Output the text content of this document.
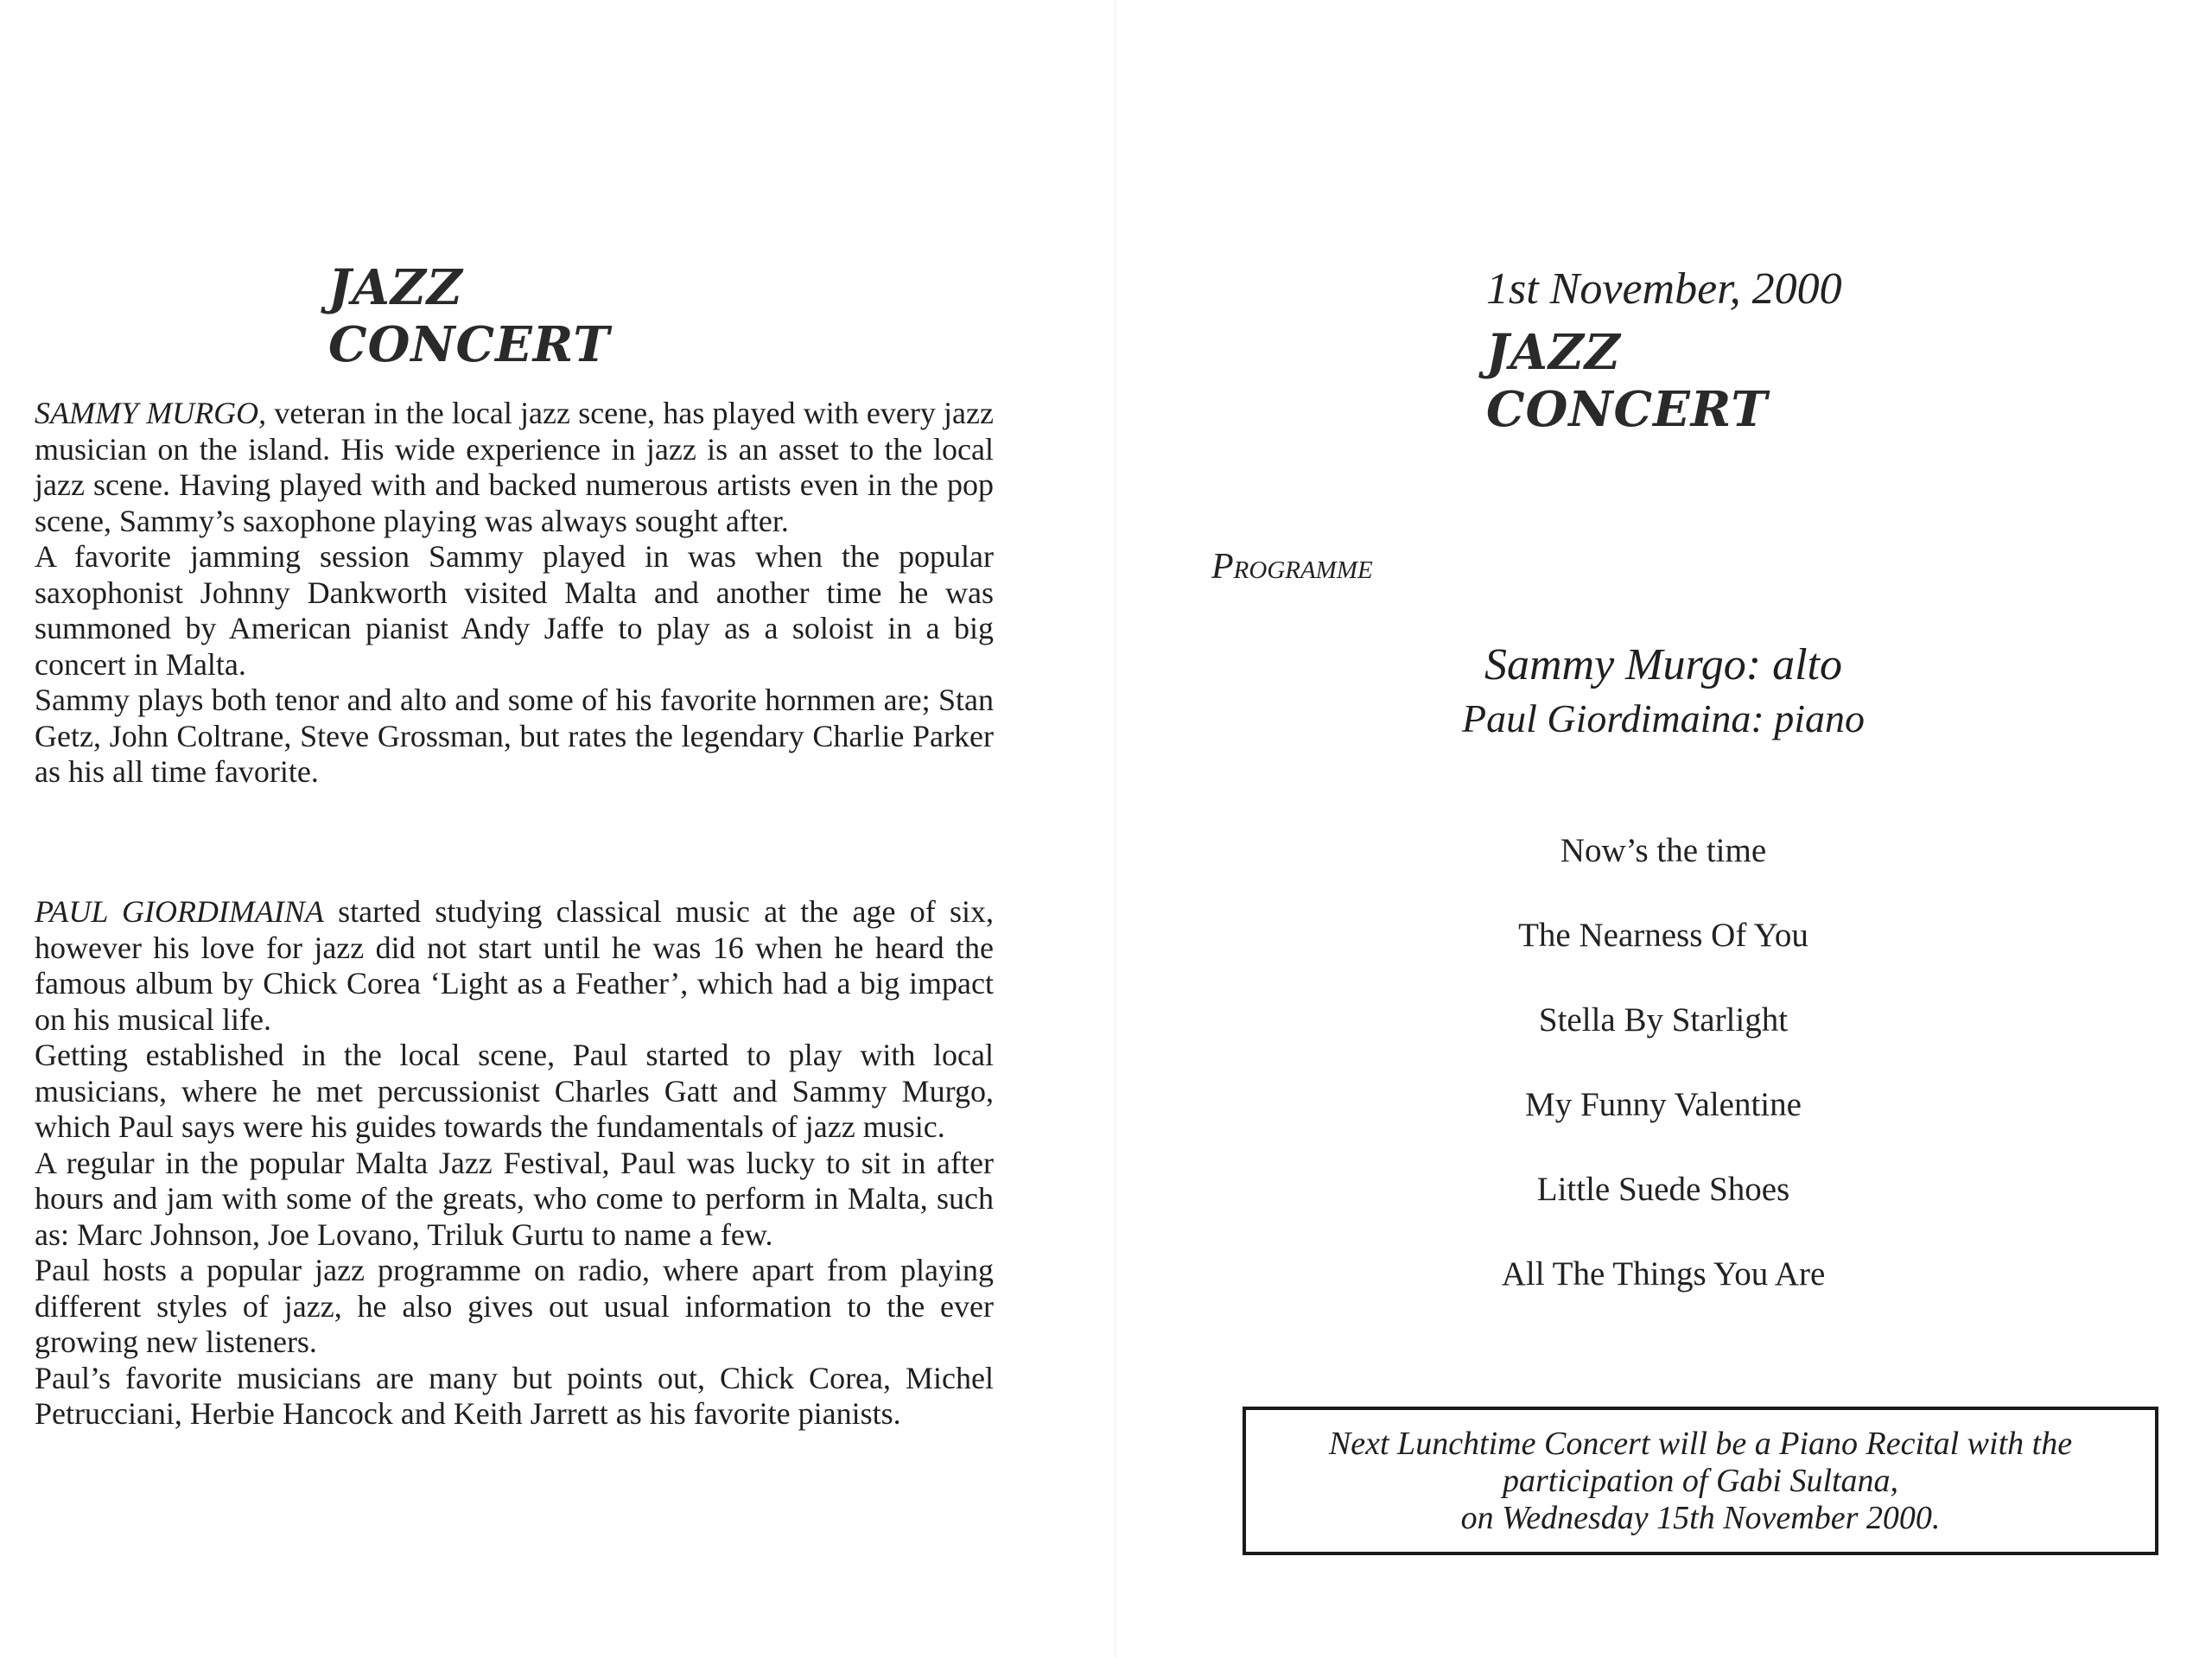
JAZZ CONCERT

SAMMY MURGO, veteran in the local jazz scene, has played with every jazz musician on the island. His wide experience in jazz is an asset to the local jazz scene. Having played with and backed numerous artists even in the pop scene, Sammy’s saxophone playing was always sought after.

A favorite jamming session Sammy played in was when the popular saxophonist Johnny Dankworth visited Malta and another time he was summoned by American pianist Andy Jaffe to play as a soloist in a big concert in Malta.

Sammy plays both tenor and alto and some of his favorite hornmen are; Stan Getz, John Coltrane, Steve Grossman, but rates the legendary Charlie Parker as his all time favorite.

PAUL GIORDIMAINA started studying classical music at the age of six, however his love for jazz did not start until he was 16 when he heard the famous album by Chick Corea ‘Light as a Feather’, which had a big impact on his musical life.

Getting established in the local scene, Paul started to play with local musicians, where he met percussionist Charles Gatt and Sammy Murgo, which Paul says were his guides towards the fundamentals of jazz music.

A regular in the popular Malta Jazz Festival, Paul was lucky to sit in after hours and jam with some of the greats, who come to perform in Malta, such as: Marc Johnson, Joe Lovano, Triluk Gurtu to name a few.

Paul hosts a popular jazz programme on radio, where apart from playing different styles of jazz, he also gives out usual information to the ever growing new listeners.

Paul’s favorite musicians are many but points out, Chick Corea, Michel Petrucciani, Herbie Hancock and Keith Jarrett as his favorite pianists.

1st November, 2000
JAZZ CONCERT
Programme
Sammy Murgo: alto
Paul Giordimaina: piano
Now’s the time
The Nearness Of You
Stella By Starlight
My Funny Valentine
Little Suede Shoes
All The Things You Are
Next Lunchtime Concert will be a Piano Recital with the
participation of Gabi Sultana,
on Wednesday 15th November 2000.
